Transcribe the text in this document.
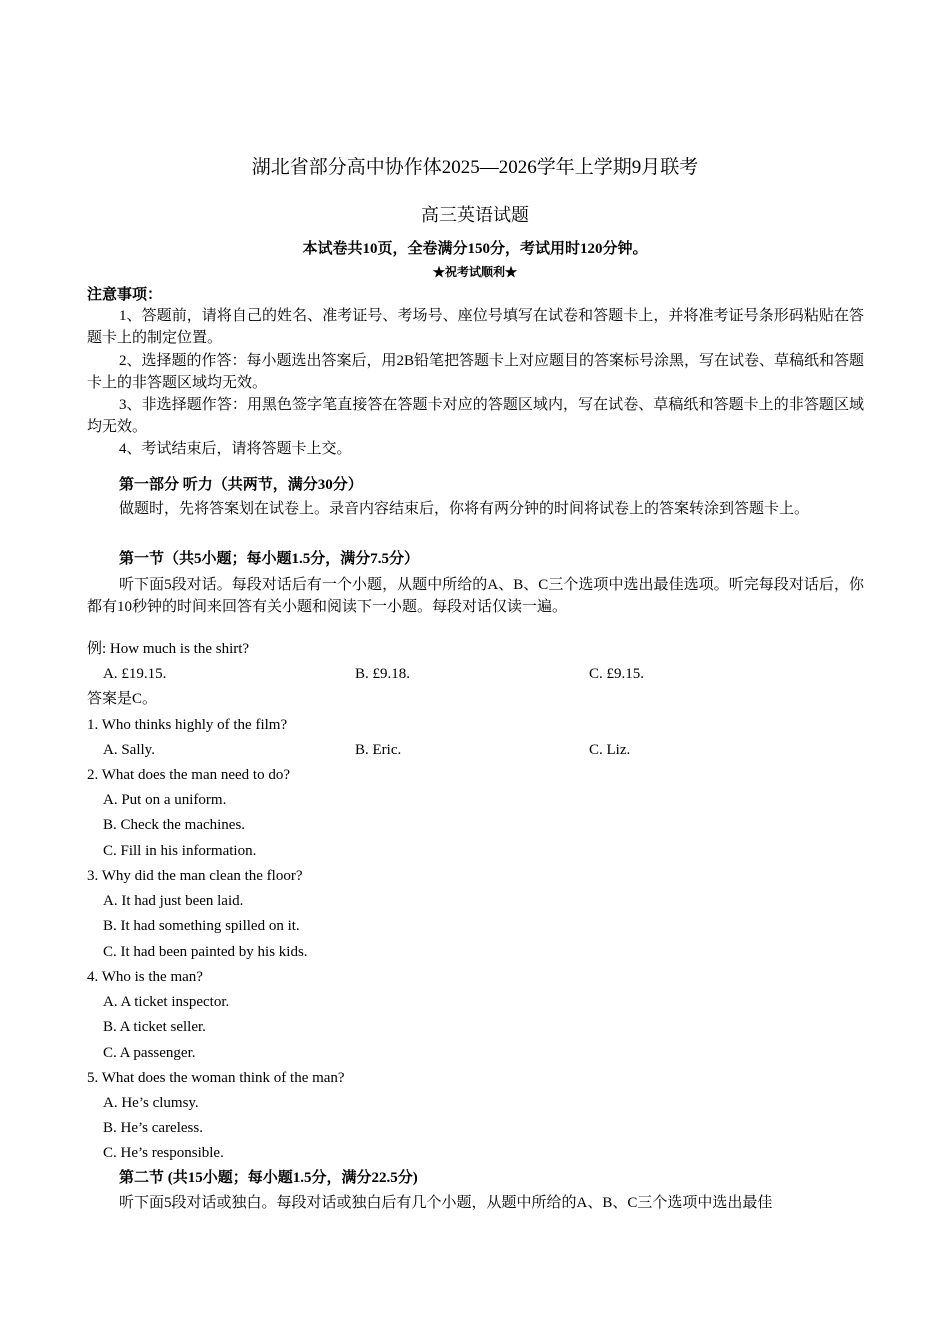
湖北省部分高中协作体2025—2026学年上学期9月联考
高三英语试题
本试卷共10页，全卷满分150分，考试用时120分钟。
★祝考试顺利★
注意事项：
1、答题前，请将自己的姓名、准考证号、考场号、座位号填写在试卷和答题卡上，并将准考证号条形码粘贴在答题卡上的制定位置。
2、选择题的作答：每小题选出答案后，用2B铅笔把答题卡上对应题目的答案标号涂黑，写在试卷、草稿纸和答题卡上的非答题区域均无效。
3、非选择题作答：用黑色签字笔直接答在答题卡对应的答题区域内，写在试卷、草稿纸和答题卡上的非答题区域均无效。
4、考试结束后，请将答题卡上交。
第一部分 听力（共两节，满分30分）
做题时，先将答案划在试卷上。录音内容结束后，你将有两分钟的时间将试卷上的答案转涂到答题卡上。
第一节（共5小题；每小题1.5分，满分7.5分）
听下面5段对话。每段对话后有一个小题，从题中所给的A、B、C三个选项中选出最佳选项。听完每段对话后，你都有10秒钟的时间来回答有关小题和阅读下一小题。每段对话仅读一遍。
例: How much is the shirt?
A. £19.15.	B. £9.18.	C. £9.15.
答案是C。
1. Who thinks highly of the film?
A. Sally.	B. Eric.	C. Liz.
2. What does the man need to do?
A. Put on a uniform.
B. Check the machines.
C. Fill in his information.
3. Why did the man clean the floor?
A. It had just been laid.
B. It had something spilled on it.
C. It had been painted by his kids.
4. Who is the man?
A. A ticket inspector.
B. A ticket seller.
C. A passenger.
5. What does the woman think of the man?
A. He’s clumsy.
B. He’s careless.
C. He’s responsible.
第二节 (共15小题；每小题1.5分，满分22.5分)
听下面5段对话或独白。每段对话或独白后有几个小题，从题中所给的A、B、C三个选项中选出最佳
